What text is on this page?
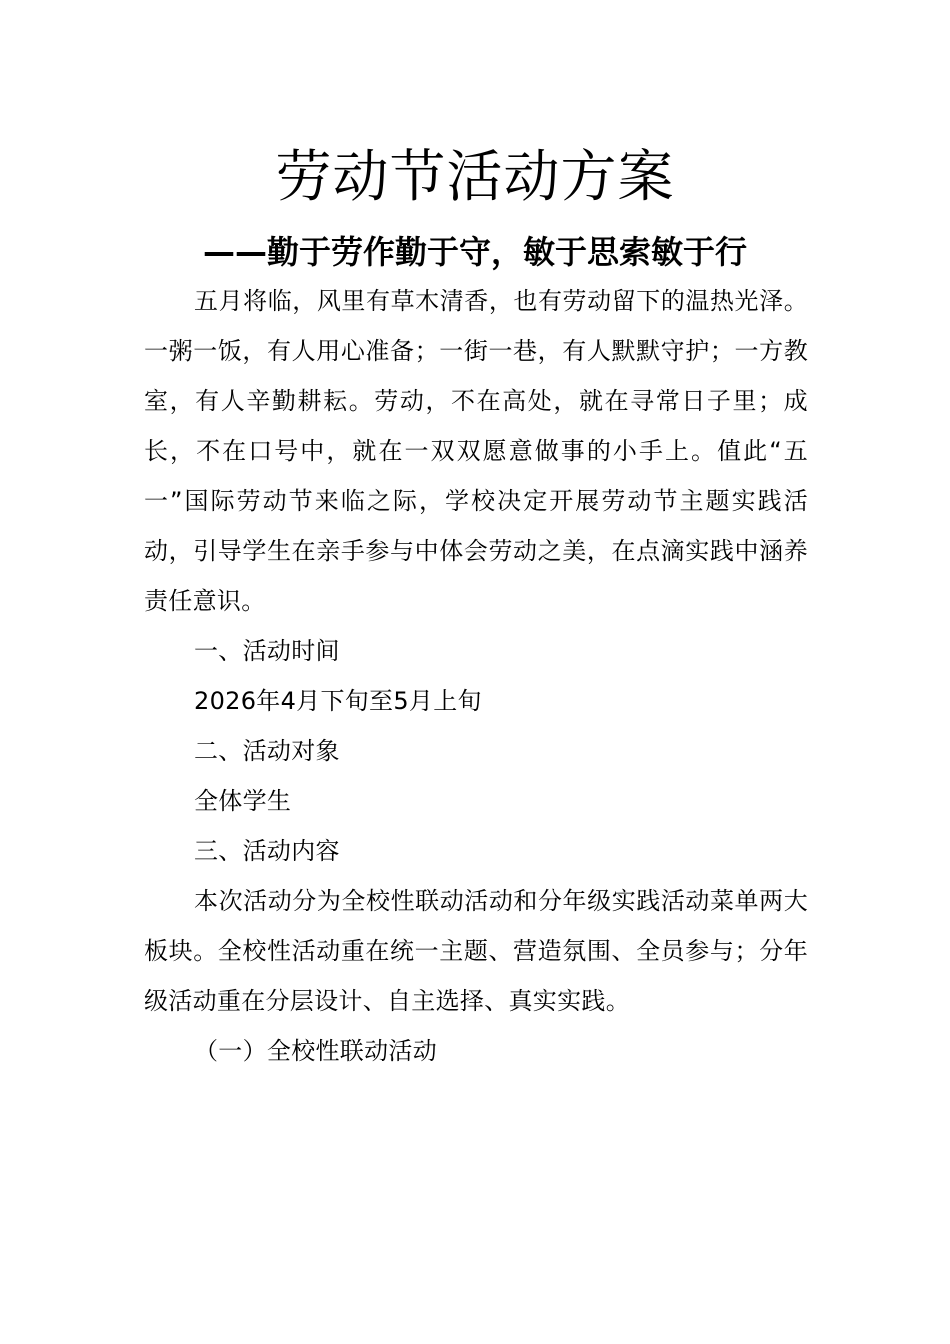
劳动节活动方案
——勤于劳作勤于守，敏于思索敏于行

五月将临，风里有草木清香，也有劳动留下的温热光泽。一粥一饭，有人用心准备；一街一巷，有人默默守护；一方教室，有人辛勤耕耘。劳动，不在高处，就在寻常日子里；成长，不在口号中，就在一双双愿意做事的小手上。值此“五一”国际劳动节来临之际，学校决定开展劳动节主题实践活动，引导学生在亲手参与中体会劳动之美，在点滴实践中涵养责任意识。

一、活动时间

2026年4月下旬至5月上旬

二、活动对象

全体学生

三、活动内容

本次活动分为全校性联动活动和分年级实践活动菜单两大板块。全校性活动重在统一主题、营造氛围、全员参与；分年级活动重在分层设计、自主选择、真实实践。

（一）全校性联动活动
